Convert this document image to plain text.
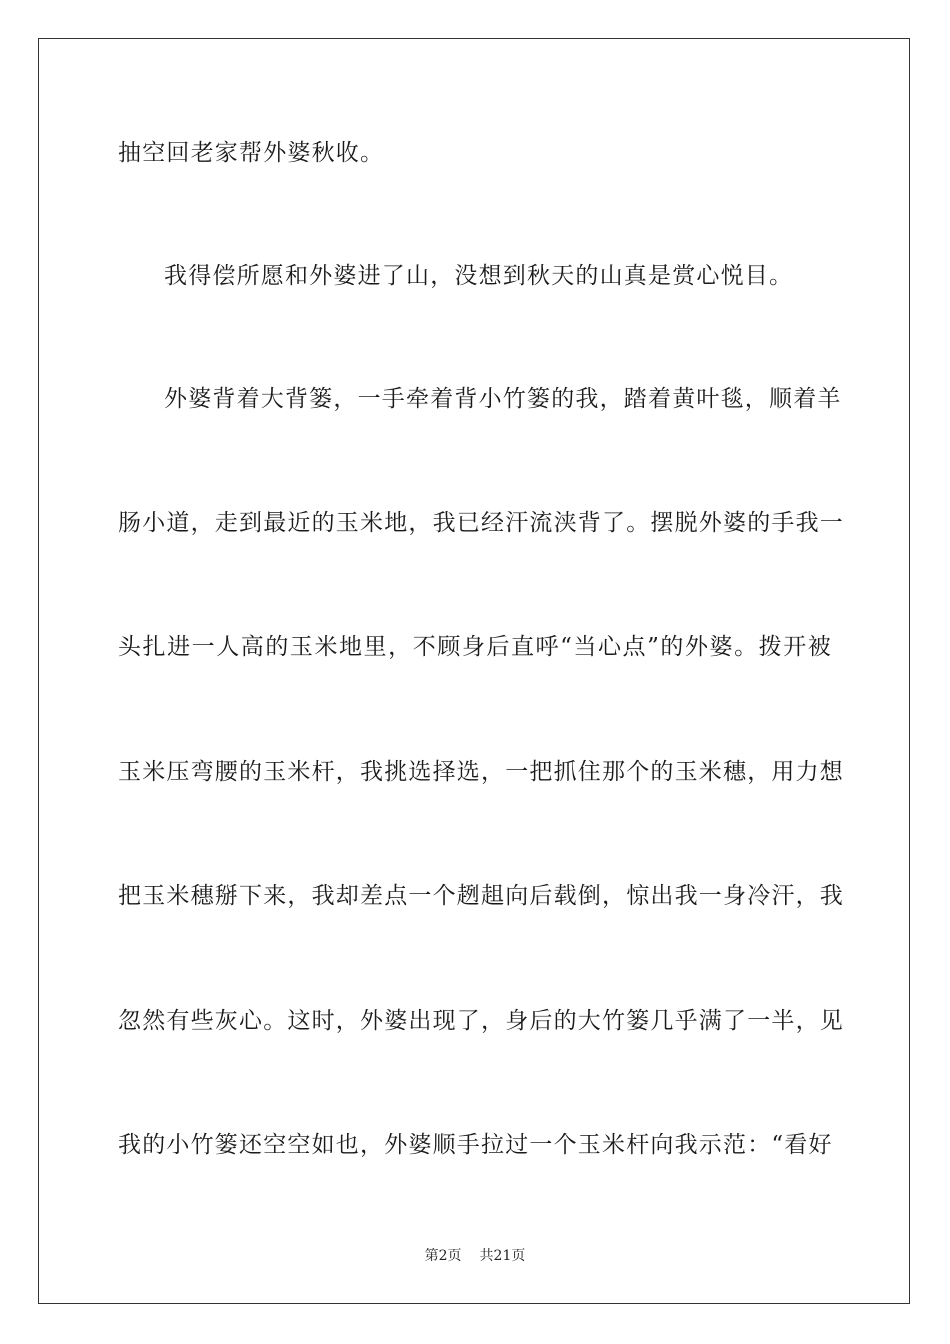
抽空回老家帮外婆秋收。
我得偿所愿和外婆进了山，没想到秋天的山真是赏心悦目。
外婆背着大背篓，一手牵着背小竹篓的我，踏着黄叶毯，顺着羊
肠小道，走到最近的玉米地，我已经汗流浃背了。摆脱外婆的手我一
头扎进一人高的玉米地里，不顾身后直呼“当心点”的外婆。拨开被
玉米压弯腰的玉米杆，我挑选择选，一把抓住那个的玉米穗，用力想
把玉米穗掰下来，我却差点一个趔趄向后载倒，惊出我一身冷汗，我
忽然有些灰心。这时，外婆出现了，身后的大竹篓几乎满了一半，见
我的小竹篓还空空如也，外婆顺手拉过一个玉米杆向我示范：“看好
第2页 共21页
